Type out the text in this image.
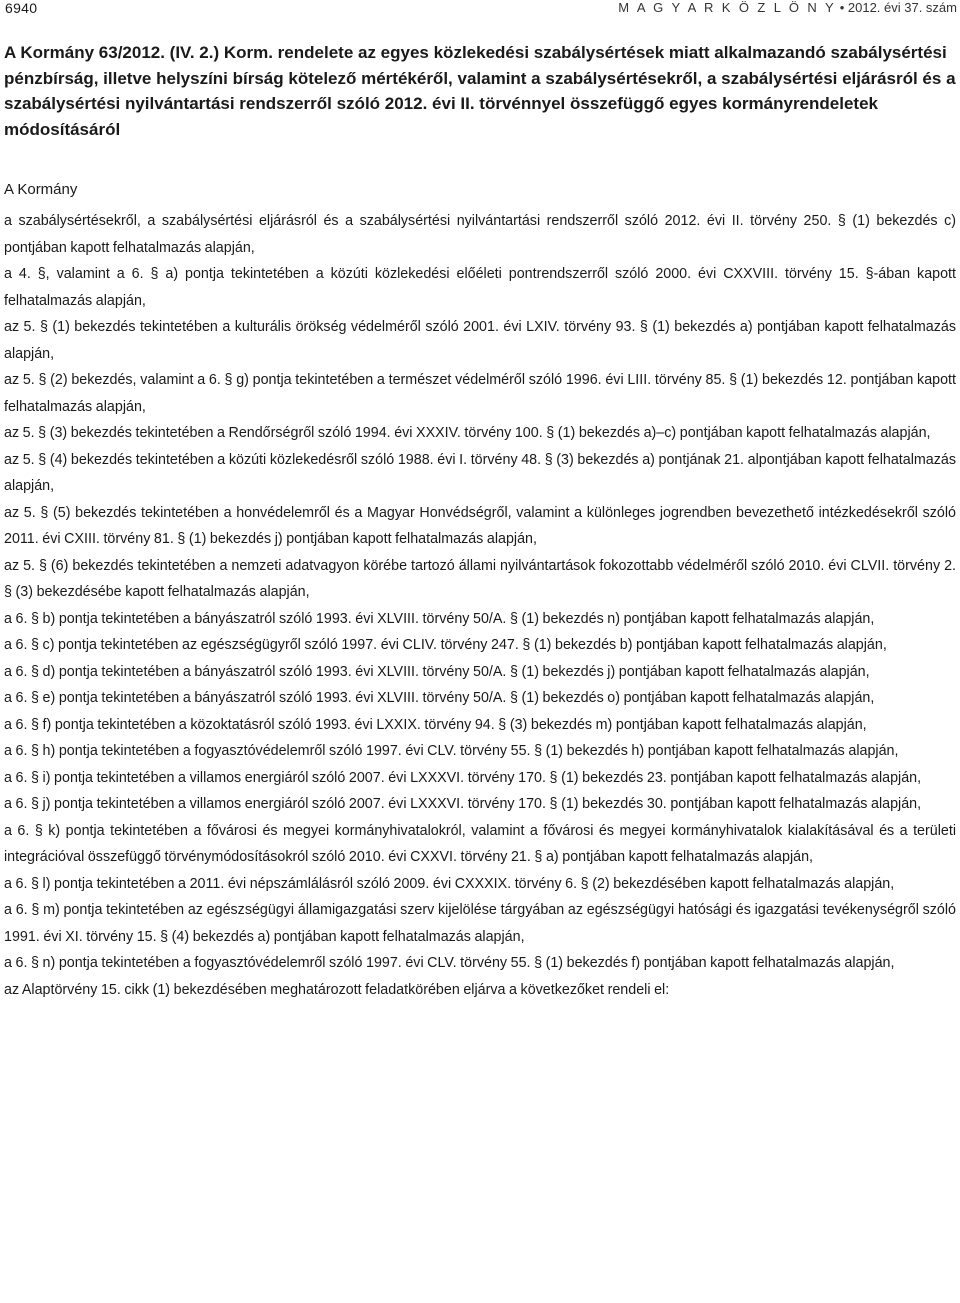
6940	M A G Y A R K Ö Z L Ö N Y • 2012. évi 37. szám
A Kormány 63/2012. (IV. 2.) Korm. rendelete az egyes közlekedési szabálysértések miatt alkalmazandó szabálysértési pénzbírság, illetve helyszíni bírság kötelező mértékéről, valamint a szabálysértésekről, a szabálysértési eljárásról és a szabálysértési nyilvántartási rendszerről szóló 2012. évi II. törvénnyel összefüggő egyes kormányrendeletek módosításáról
A Kormány

a szabálysértésekről, a szabálysértési eljárásról és a szabálysértési nyilvántartási rendszerről szóló 2012. évi II. törvény 250. § (1) bekezdés c) pontjában kapott felhatalmazás alapján,

a 4. §, valamint a 6. § a) pontja tekintetében a közúti közlekedési előéleti pontrendszerről szóló 2000. évi CXXVIII. törvény 15. §-ában kapott felhatalmazás alapján,

az 5. § (1) bekezdés tekintetében a kulturális örökség védelméről szóló 2001. évi LXIV. törvény 93. § (1) bekezdés a) pontjában kapott felhatalmazás alapján,

az 5. § (2) bekezdés, valamint a 6. § g) pontja tekintetében a természet védelméről szóló 1996. évi LIII. törvény 85. § (1) bekezdés 12. pontjában kapott felhatalmazás alapján,

az 5. § (3) bekezdés tekintetében a Rendőrségről szóló 1994. évi XXXIV. törvény 100. § (1) bekezdés a)–c) pontjában kapott felhatalmazás alapján,

az 5. § (4) bekezdés tekintetében a közúti közlekedésről szóló 1988. évi I. törvény 48. § (3) bekezdés a) pontjának 21. alpontjában kapott felhatalmazás alapján,

az 5. § (5) bekezdés tekintetében a honvédelemről és a Magyar Honvédségről, valamint a különleges jogrendben bevezethető intézkedésekről szóló 2011. évi CXIII. törvény 81. § (1) bekezdés j) pontjában kapott felhatalmazás alapján,

az 5. § (6) bekezdés tekintetében a nemzeti adatvagyon körébe tartozó állami nyilvántartások fokozottabb védelméről szóló 2010. évi CLVII. törvény 2. § (3) bekezdésébe kapott felhatalmazás alapján,

a 6. § b) pontja tekintetében a bányászatról szóló 1993. évi XLVIII. törvény 50/A. § (1) bekezdés n) pontjában kapott felhatalmazás alapján,

a 6. § c) pontja tekintetében az egészségügyről szóló 1997. évi CLIV. törvény 247. § (1) bekezdés b) pontjában kapott felhatalmazás alapján,

a 6. § d) pontja tekintetében a bányászatról szóló 1993. évi XLVIII. törvény 50/A. § (1) bekezdés j) pontjában kapott felhatalmazás alapján,

a 6. § e) pontja tekintetében a bányászatról szóló 1993. évi XLVIII. törvény 50/A. § (1) bekezdés o) pontjában kapott felhatalmazás alapján,

a 6. § f) pontja tekintetében a közoktatásról szóló 1993. évi LXXIX. törvény 94. § (3) bekezdés m) pontjában kapott felhatalmazás alapján,

a 6. § h) pontja tekintetében a fogyasztóvédelemről szóló 1997. évi CLV. törvény 55. § (1) bekezdés h) pontjában kapott felhatalmazás alapján,

a 6. § i) pontja tekintetében a villamos energiáról szóló 2007. évi LXXXVI. törvény 170. § (1) bekezdés 23. pontjában kapott felhatalmazás alapján,

a 6. § j) pontja tekintetében a villamos energiáról szóló 2007. évi LXXXVI. törvény 170. § (1) bekezdés 30. pontjában kapott felhatalmazás alapján,

a 6. § k) pontja tekintetében a fővárosi és megyei kormányhivatalokról, valamint a fővárosi és megyei kormányhivatalok kialakításával és a területi integrációval összefüggő törvénymódosításokról szóló 2010. évi CXXVI. törvény 21. § a) pontjában kapott felhatalmazás alapján,

a 6. § l) pontja tekintetében a 2011. évi népszámlálásról szóló 2009. évi CXXXIX. törvény 6. § (2) bekezdésében kapott felhatalmazás alapján,

a 6. § m) pontja tekintetében az egészségügyi államigazgatási szerv kijelölése tárgyában az egészségügyi hatósági és igazgatási tevékenységről szóló 1991. évi XI. törvény 15. § (4) bekezdés a) pontjában kapott felhatalmazás alapján,

a 6. § n) pontja tekintetében a fogyasztóvédelemről szóló 1997. évi CLV. törvény 55. § (1) bekezdés f) pontjában kapott felhatalmazás alapján,

az Alaptörvény 15. cikk (1) bekezdésében meghatározott feladatkörében eljárva a következőket rendeli el:
